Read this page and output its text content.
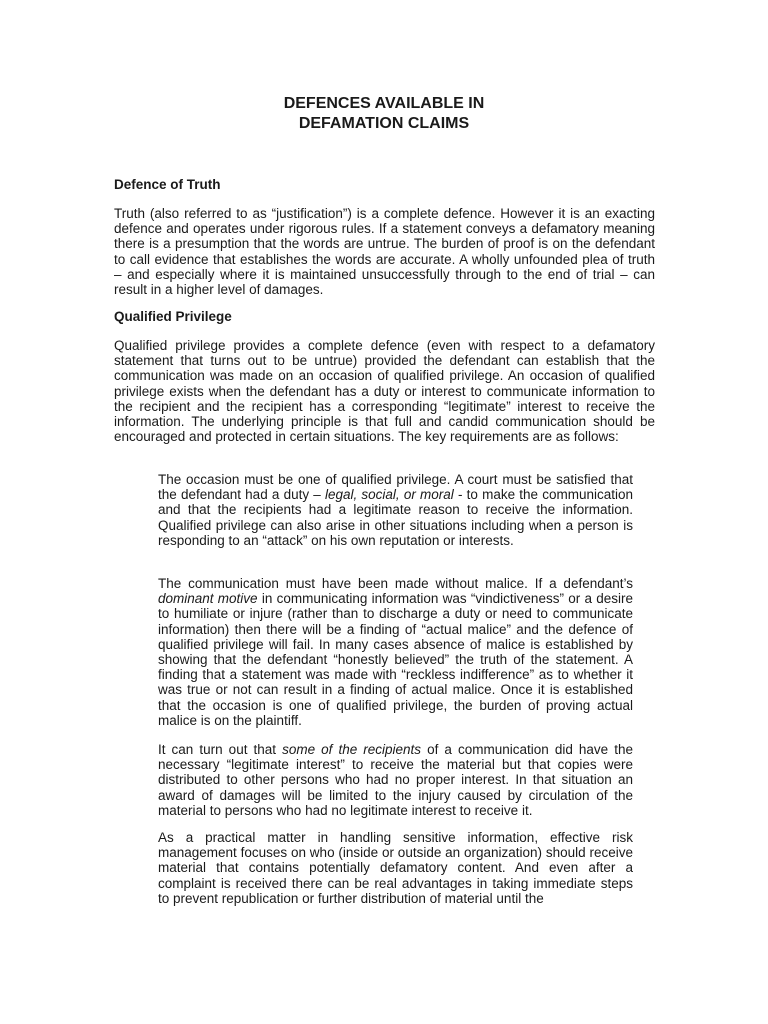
DEFENCES AVAILABLE IN
DEFAMATION CLAIMS
Defence of Truth

Truth (also referred to as “justification”) is a complete defence. However it is an exacting defence and operates under rigorous rules. If a statement conveys a defamatory meaning there is a presumption that the words are untrue. The burden of proof is on the defendant to call evidence that establishes the words are accurate. A wholly unfounded plea of truth – and especially where it is maintained unsuccessfully through to the end of trial – can result in a higher level of damages.

Qualified Privilege

Qualified privilege provides a complete defence (even with respect to a defamatory statement that turns out to be untrue) provided the defendant can establish that the communication was made on an occasion of qualified privilege. An occasion of qualified privilege exists when the defendant has a duty or interest to communicate information to the recipient and the recipient has a corresponding “legitimate” interest to receive the information. The underlying principle is that full and candid communication should be encouraged and protected in certain situations. The key requirements are as follows:

The occasion must be one of qualified privilege. A court must be satisfied that the defendant had a duty – legal, social, or moral - to make the communication and that the recipients had a legitimate reason to receive the information. Qualified privilege can also arise in other situations including when a person is responding to an “attack” on his own reputation or interests.

The communication must have been made without malice. If a defendant’s dominant motive in communicating information was “vindictiveness” or a desire to humiliate or injure (rather than to discharge a duty or need to communicate information) then there will be a finding of “actual malice” and the defence of qualified privilege will fail. In many cases absence of malice is established by showing that the defendant “honestly believed” the truth of the statement. A finding that a statement was made with “reckless indifference” as to whether it was true or not can result in a finding of actual malice. Once it is established that the occasion is one of qualified privilege, the burden of proving actual malice is on the plaintiff.

It can turn out that some of the recipients of a communication did have the necessary “legitimate interest” to receive the material but that copies were distributed to other persons who had no proper interest. In that situation an award of damages will be limited to the injury caused by circulation of the material to persons who had no legitimate interest to receive it.

As a practical matter in handling sensitive information, effective risk management focuses on who (inside or outside an organization) should receive material that contains potentially defamatory content. And even after a complaint is received there can be real advantages in taking immediate steps to prevent republication or further distribution of material until the
